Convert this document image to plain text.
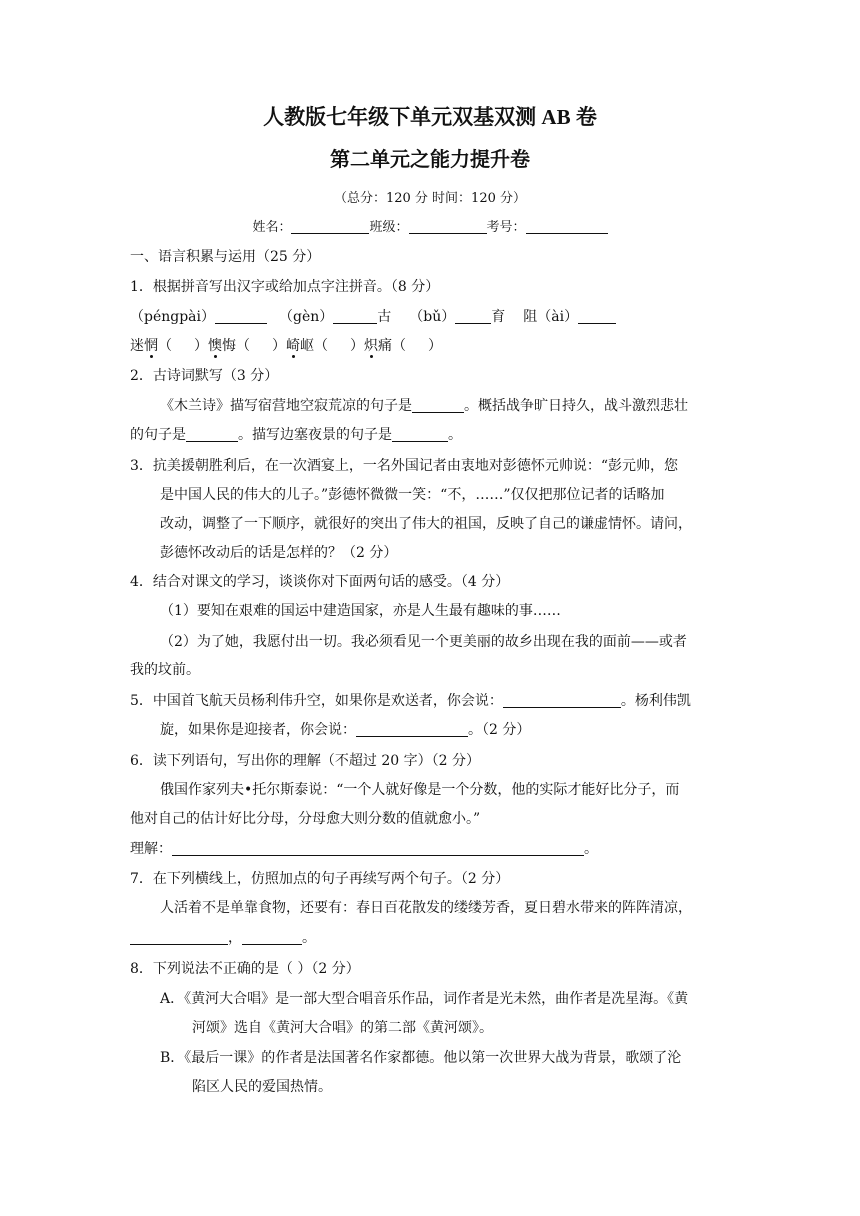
人教版七年级下单元双基双测 AB 卷
第二单元之能力提升卷
（总分：120 分 时间：120 分）
姓名：	班级：	考号：
一、语言积累与运用（25 分）
1．根据拼音写出汉字或给加点字注拼音。（8 分）
（péngpài）	（gèn）	古 （bǔ）	育 阻（ài）
迷惘（ ）懊悔（ ）崎岖（ ）炽痛（ ）
2．古诗词默写（3 分）
《木兰诗》描写宿营地空寂荒凉的句子是	。概括战争旷日持久，战斗激烈悲壮
的句子是	。描写边塞夜景的句子是	。
3．抗美援朝胜利后，在一次酒宴上，一名外国记者由衷地对彭德怀元帅说：“彭元帅，您
是中国人民的伟大的儿子。”彭德怀微微一笑：“不，……”仅仅把那位记者的话略加
改动，调整了一下顺序，就很好的突出了伟大的祖国，反映了自己的谦虚情怀。请问，
彭德怀改动后的话是怎样的？（2 分）
4．结合对课文的学习，谈谈你对下面两句话的感受。（4 分）
（1）要知在艰难的国运中建造国家，亦是人生最有趣味的事……
（2）为了她，我愿付出一切。我必须看见一个更美丽的故乡出现在我的面前——或者
我的坟前。
5．中国首飞航天员杨利伟升空，如果你是欢送者，你会说：	。杨利伟凯
旋，如果你是迎接者，你会说：	。（2 分）
6．读下列语句，写出你的理解（不超过 20 字）（2 分）
俄国作家列夫•托尔斯泰说：“一个人就好像是一个分数，他的实际才能好比分子，而
他对自己的估计好比分母，分母愈大则分数的值就愈小。”
理解：	。
7．在下列横线上，仿照加点的句子再续写两个句子。（2 分）
人活着不是单靠食物，还要有：春日百花散发的缕缕芳香，夏日碧水带来的阵阵清凉，
，	。
8．下列说法不正确的是（ ）（2 分）
A．《黄河大合唱》是一部大型合唱音乐作品，词作者是光未然，曲作者是冼星海。《黄
河颂》选自《黄河大合唱》的第二部《黄河颂》。
B．《最后一课》的作者是法国著名作家都德。他以第一次世界大战为背景，歌颂了沦
陷区人民的爱国热情。
